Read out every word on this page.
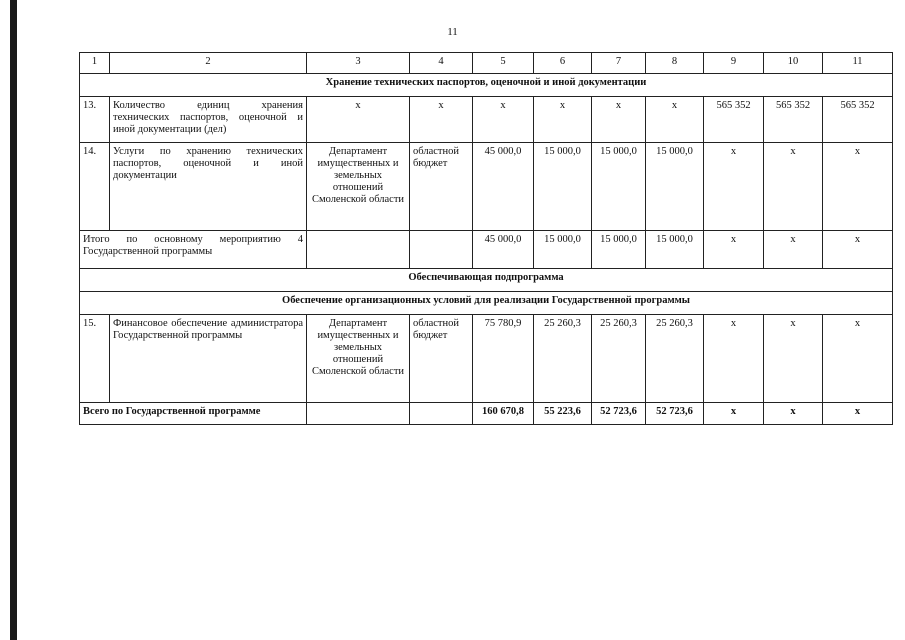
11
1	2	3	4	5	6	7	8	9	10	11
Хранение технических паспортов, оценочной и иной документации										
13.	Количество единиц хранения технических паспортов, оценочной и иной документации (дел)	х	х	х	х	х	х	565 352	565 352	565 352
14.	Услуги по хранению технических паспортов, оценочной и иной документации	Департамент имущественных и земельных отношений Смоленской области	областной бюджет	45 000,0	15 000,0	15 000,0	15 000,0	х	х	х
Итого по основному мероприятию 4 Государственной программы				45 000,0	15 000,0	15 000,0	15 000,0	х	х	х
Обеспечивающая подпрограмма										
Обеспечение организационных условий для реализации Государственной программы										
15.	Финансовое обеспечение администратора Государственной программы	Департамент имущественных и земельных отношений Смоленской области	областной бюджет	75 780,9	25 260,3	25 260,3	25 260,3	х	х	х
Всего по Государственной программе				160 670,8	55 223,6	52 723,6	52 723,6	х	х	х
